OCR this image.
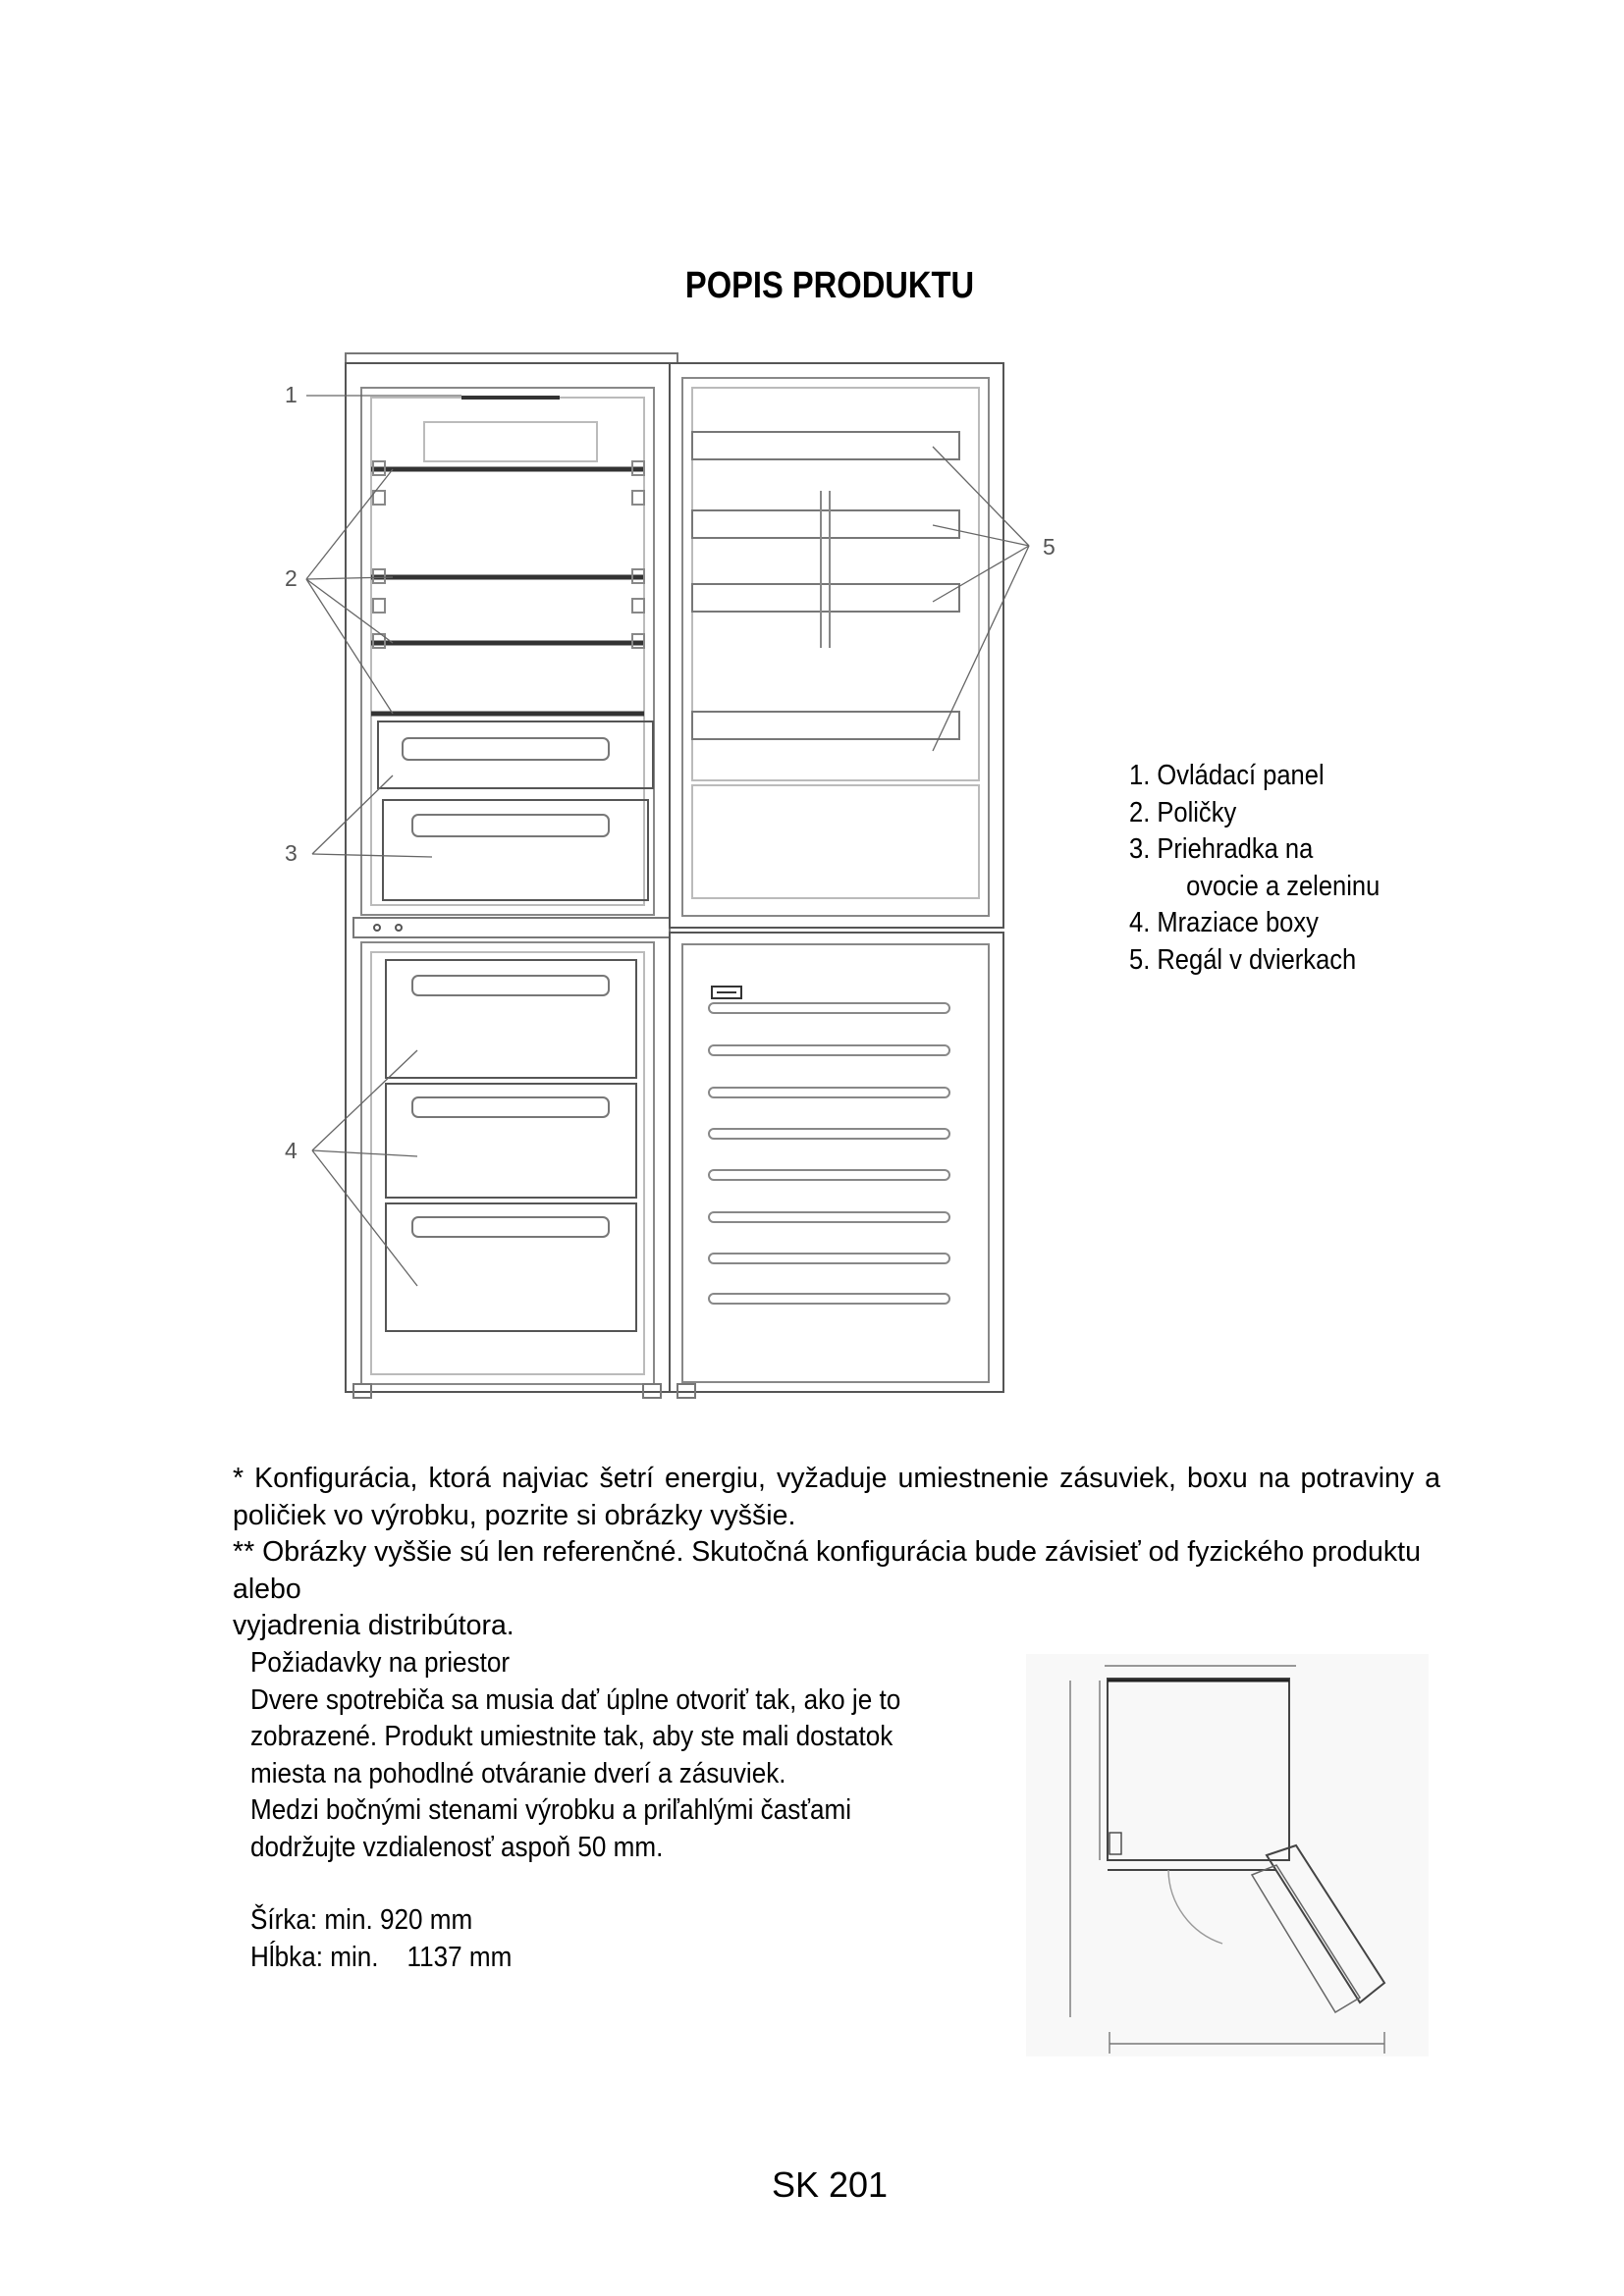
POPIS PRODUKTU
1
2
3
4
5
1. Ovládací panel
2. Poličky
3. Priehradka na
ovocie a zeleninu
4. Mraziace boxy
5. Regál v dvierkach

* Konfigurácia, ktorá najviac šetrí energiu, vyžaduje umiestnenie zásuviek, boxu na potraviny a

poličiek vo výrobku, pozrite si obrázky vyššie.

** Obrázky vyššie sú len referenčné. Skutočná konfigurácia bude závisieť od fyzického produktu alebo

vyjadrenia distribútora.

Požiadavky na priestor
Dvere spotrebiča sa musia dať úplne otvoriť tak, ako je to
zobrazené. Produkt umiestnite tak, aby ste mali dostatok
miesta na pohodlné otváranie dverí a zásuviek.
Medzi bočnými stenami výrobku a priľahlými časťami
dodržujte vzdialenosť aspoň 50 mm.
Šírka: min. 920 mm
Hĺbka: min.    1137 mm
SK 201
